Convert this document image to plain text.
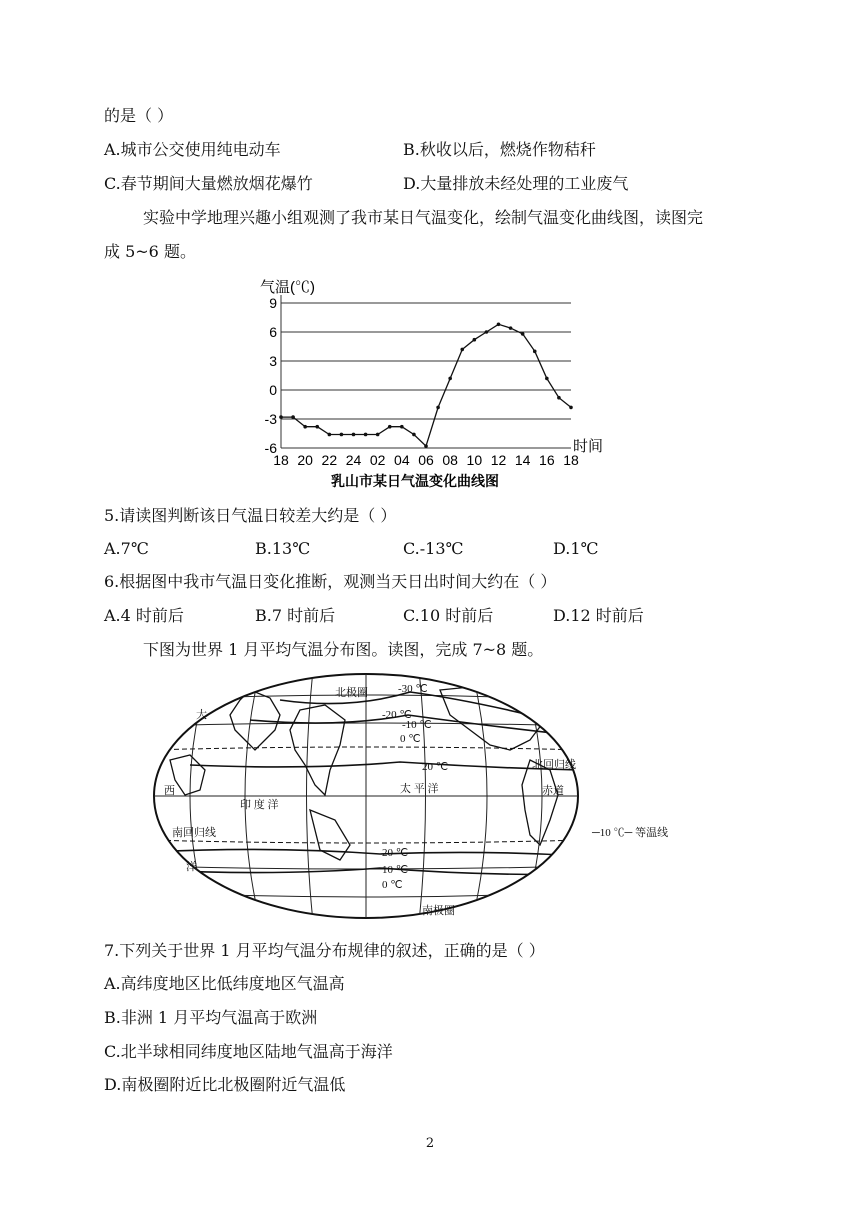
的是（ ）
A.城市公交使用纯电动车	B.秋收以后，燃烧作物秸秆
C.春节期间大量燃放烟花爆竹	D.大量排放未经处理的工业废气
实验中学地理兴趣小组观测了我市某日气温变化，绘制气温变化曲线图，读图完
成 5~6 题。
9
6
3
0
-3
-6
18 20 22 24 02 04 06 08 10 12 14 16 18
气温(℃)
时间
乳山市某日气温变化曲线图
5.请读图判断该日气温日较差大约是（ ）
A.7℃	B.13℃	C.-13℃	D.1℃
6.根据图中我市气温日变化推断，观测当天日出时间大约在（ ）
A.4 时前后	B.7 时前后	C.10 时前后	D.12 时前后
下图为世界 1 月平均气温分布图。读图，完成 7~8 题。
北极圈	-30 ℃
-20 ℃
-10 ℃
0 ℃
20 ℃	北回归线
赤道
印 度 洋
太 平 洋
西
大
洋
南回归线
20 ℃
10 ℃
0 ℃
南极圈
─10 ℃─ 等温线
7.下列关于世界 1 月平均气温分布规律的叙述，正确的是（ ）
A.高纬度地区比低纬度地区气温高
B.非洲 1 月平均气温高于欧洲
C.北半球相同纬度地区陆地气温高于海洋
D.南极圈附近比北极圈附近气温低
2
